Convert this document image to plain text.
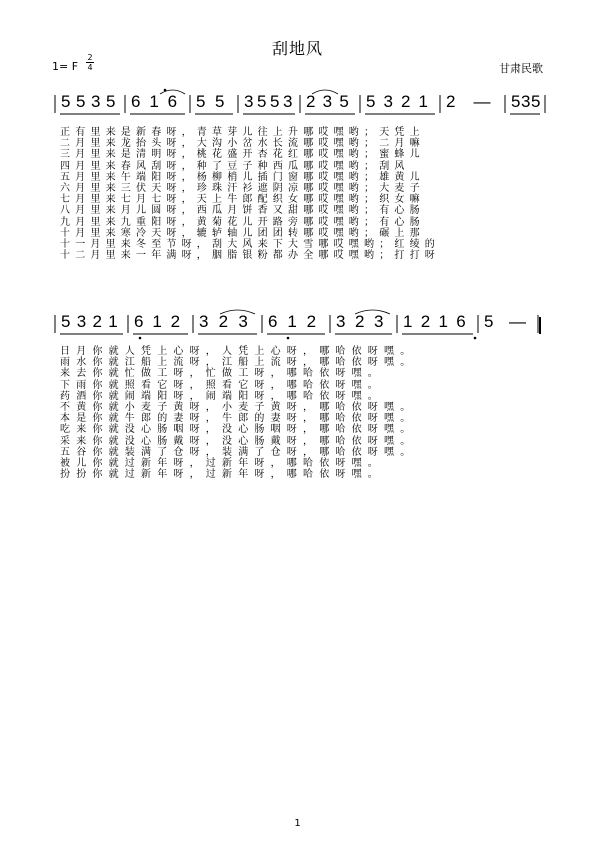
刮地风
1= F $\frac{2}{4}$	甘肃民歌
5 5 3 5 6 1 6 5 5 3 5 5 3 2 3 5 5 3 2 1 2 — 5 3 5
正有里来是新春呀，青草芽儿往上升哪哎嘿哟；天凭上
二月里来龙抬头呀，大沟小岔水长流哪哎嘿哟；二月嘛
三月里来是清明呀，桃花盛开杏花红哪哎嘿哟；蜜蜂儿
四月里来春风刮呀，种了豆子种西瓜哪哎嘿哟；刮风
五月里来午端阳呀，杨柳梢儿插门窗哪哎嘿哟；雄黄儿
六月里来三伏天呀，珍珠汗衫遮阴凉哪哎嘿哟；大麦子
七月里来七月七呀，天上牛郎配织女哪哎嘿哟；织女嘛
八月里来月儿圆呀，西瓜月饼香又甜哪哎嘿哟；有心肠
九月里来九重阳呀，黄菊花儿开路旁哪哎嘿哟；有心肠
十月里来寒冷天呀，辘轳轴儿团团转哪哎嘿哟；碾上那
十一月里来冬至节呀，刮大风来下大雪哪哎嘿哟；红绫的
十二月里来一年满呀，胭脂银粉都办全哪哎嘿哟；打打呀
5 3 2 1 6 1 2 3 2 3 6 1 2 3 2 3 1 2 1 6 5 —
日月你就人凭上心呀，人凭上心呀，哪哈依呀嘿。
雨水你就江船上流呀，江船上流呀，哪哈依呀嘿。
来去你就忙做工呀，忙做工呀，哪哈依呀嘿。
下雨你就照看它呀，照看它呀，哪哈依呀嘿。
药酒你就闹端阳呀，闹端阳呀，哪哈依呀嘿。
不黄你就小麦子黄呀，小麦子黄呀，哪哈依呀嘿。
本是你就牛郎的妻呀，牛郎的妻呀，哪哈依呀嘿。
吃来你就没心肠咽呀，没心肠咽呀，哪哈依呀嘿。
采来你就没心肠戴呀，没心肠戴呀，哪哈依呀嘿。
五谷你就装满了仓呀，装满了仓呀，哪哈依呀嘿。
被儿你就过新年呀，过新年呀，哪哈依呀嘿。
扮扮你就过新年呀，过新年呀，哪哈依呀嘿。
1
